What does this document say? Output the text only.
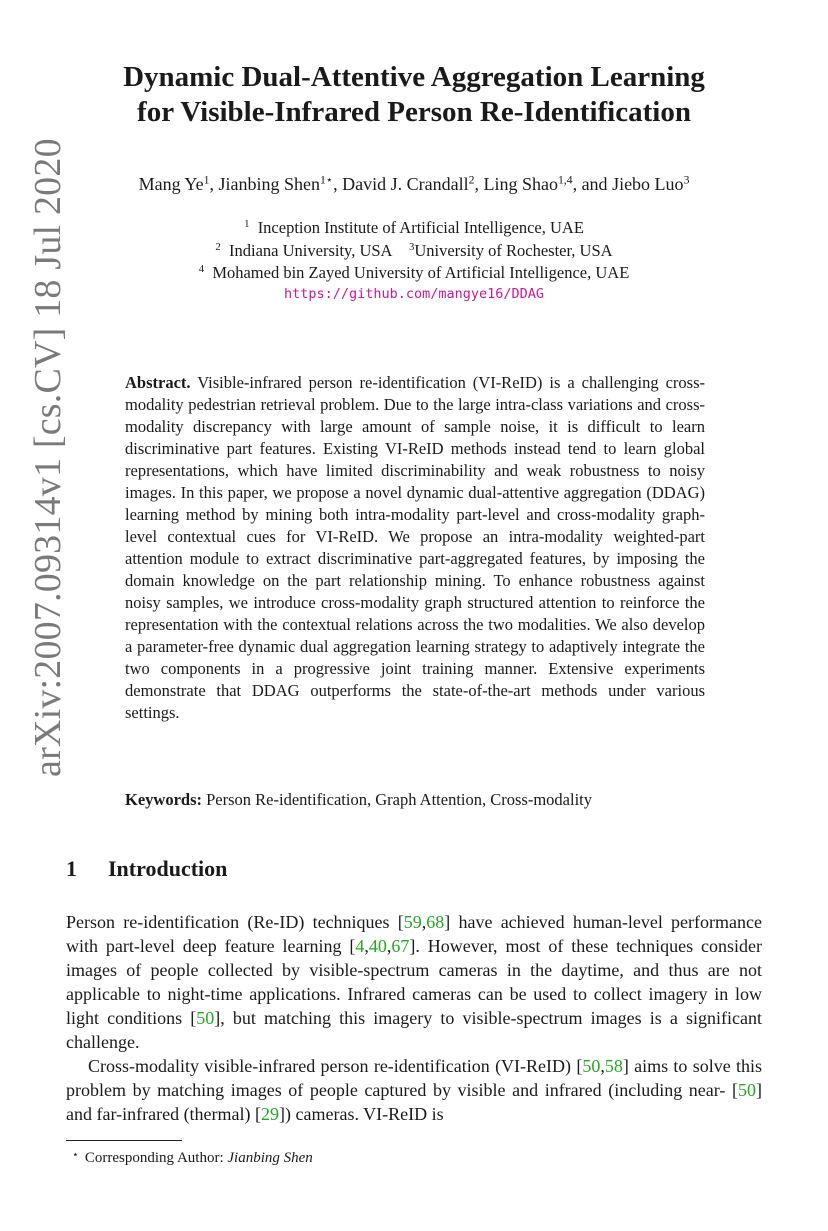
arXiv:2007.09314v1 [cs.CV] 18 Jul 2020
Dynamic Dual-Attentive Aggregation Learning
for Visible-Infrared Person Re-Identification
Mang Ye$^1$, Jianbing Shen$^{1⋆}$, David J. Crandall$^2$, Ling Shao$^{1,4}$, and Jiebo Luo$^3$
$^1$ Inception Institute of Artificial Intelligence, UAE
$^2$ Indiana University, USA $^3$University of Rochester, USA
$^4$ Mohamed bin Zayed University of Artificial Intelligence, UAE
https://github.com/mangye16/DDAG
Abstract. Visible-infrared person re-identification (VI-ReID) is a challenging cross-modality pedestrian retrieval problem. Due to the large intra-class variations and cross-modality discrepancy with large amount of sample noise, it is difficult to learn discriminative part features. Existing VI-ReID methods instead tend to learn global representations, which have limited discriminability and weak robustness to noisy images. In this paper, we propose a novel dynamic dual-attentive aggregation (DDAG) learning method by mining both intra-modality part-level and cross-modality graph-level contextual cues for VI-ReID. We propose an intra-modality weighted-part attention module to extract discriminative part-aggregated features, by imposing the domain knowledge on the part relationship mining. To enhance robustness against noisy samples, we introduce cross-modality graph structured attention to reinforce the representation with the contextual relations across the two modalities. We also develop a parameter-free dynamic dual aggregation learning strategy to adaptively integrate the two components in a progressive joint training manner. Extensive experiments demonstrate that DDAG outperforms the state-of-the-art methods under various settings.
Keywords: Person Re-identification, Graph Attention, Cross-modality
1 Introduction

Person re-identification (Re-ID) techniques [59,68] have achieved human-level performance with part-level deep feature learning [4,40,67]. However, most of these techniques consider images of people collected by visible-spectrum cameras in the daytime, and thus are not applicable to night-time applications. Infrared cameras can be used to collect imagery in low light conditions [50], but matching this imagery to visible-spectrum images is a significant challenge.

Cross-modality visible-infrared person re-identification (VI-ReID) [50,58] aims to solve this problem by matching images of people captured by visible and infrared (including near- [50] and far-infrared (thermal) [29]) cameras. VI-ReID is

⋆ Corresponding Author: Jianbing Shen
